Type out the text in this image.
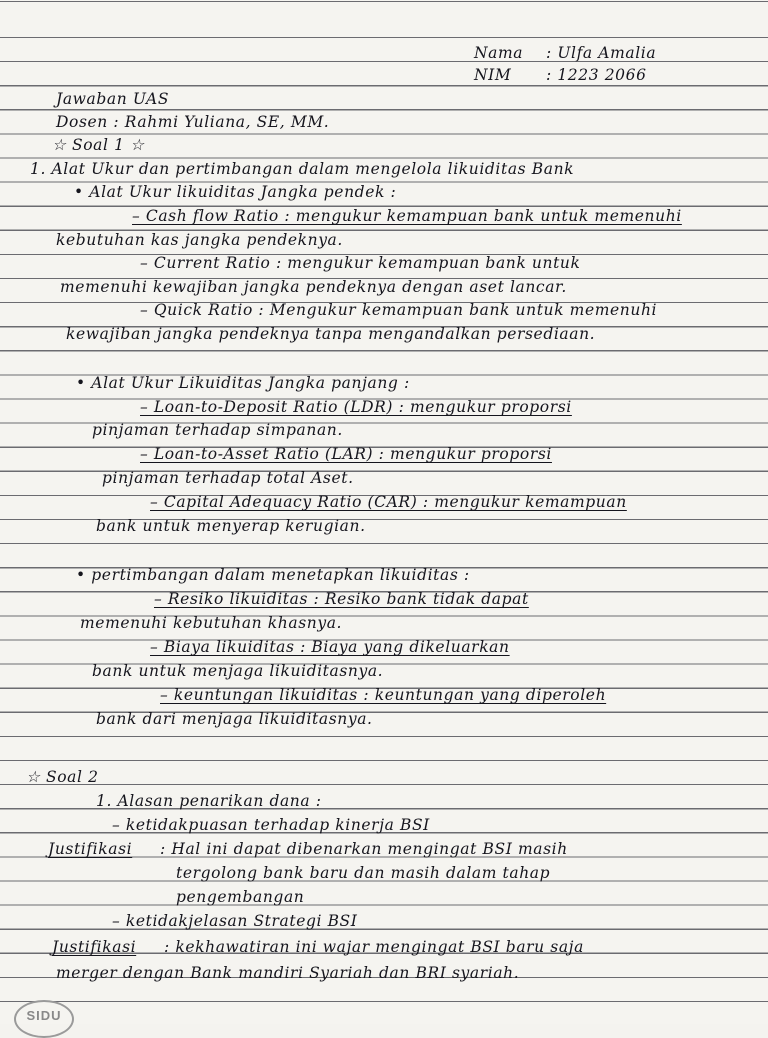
Nama : Ulfa Amalia
NIM : 1223 2066
Jawaban UAS
Dosen : Rahmi Yuliana, SE, MM.
☆ Soal 1 ☆
1. Alat Ukur dan pertimbangan dalam mengelola likuiditas Bank
• Alat Ukur likuiditas Jangka pendek :
– Cash flow Ratio : mengukur kemampuan bank untuk memenuhi
kebutuhan kas jangka pendeknya.
– Current Ratio : mengukur kemampuan bank untuk
memenuhi kewajiban jangka pendeknya dengan aset lancar.
– Quick Ratio : Mengukur kemampuan bank untuk memenuhi
kewajiban jangka pendeknya tanpa mengandalkan persediaan.
• Alat Ukur Likuiditas Jangka panjang :
– Loan-to-Deposit Ratio (LDR) : mengukur proporsi
pinjaman terhadap simpanan.
– Loan-to-Asset Ratio (LAR) : mengukur proporsi
pinjaman terhadap total Aset.
– Capital Adequacy Ratio (CAR) : mengukur kemampuan
bank untuk menyerap kerugian.
• pertimbangan dalam menetapkan likuiditas :
– Resiko likuiditas : Resiko bank tidak dapat
memenuhi kebutuhan khasnya.
– Biaya likuiditas : Biaya yang dikeluarkan
bank untuk menjaga likuiditasnya.
– keuntungan likuiditas : keuntungan yang diperoleh
bank dari menjaga likuiditasnya.
☆ Soal 2
1. Alasan penarikan dana :
– ketidakpuasan terhadap kinerja BSI
Justifikasi : Hal ini dapat dibenarkan mengingat BSI masih
tergolong bank baru dan masih dalam tahap
pengembangan
– ketidakjelasan Strategi BSI
Justifikasi : kekhawatiran ini wajar mengingat BSI baru saja
merger dengan Bank mandiri Syariah dan BRI syariah.
SIDU
